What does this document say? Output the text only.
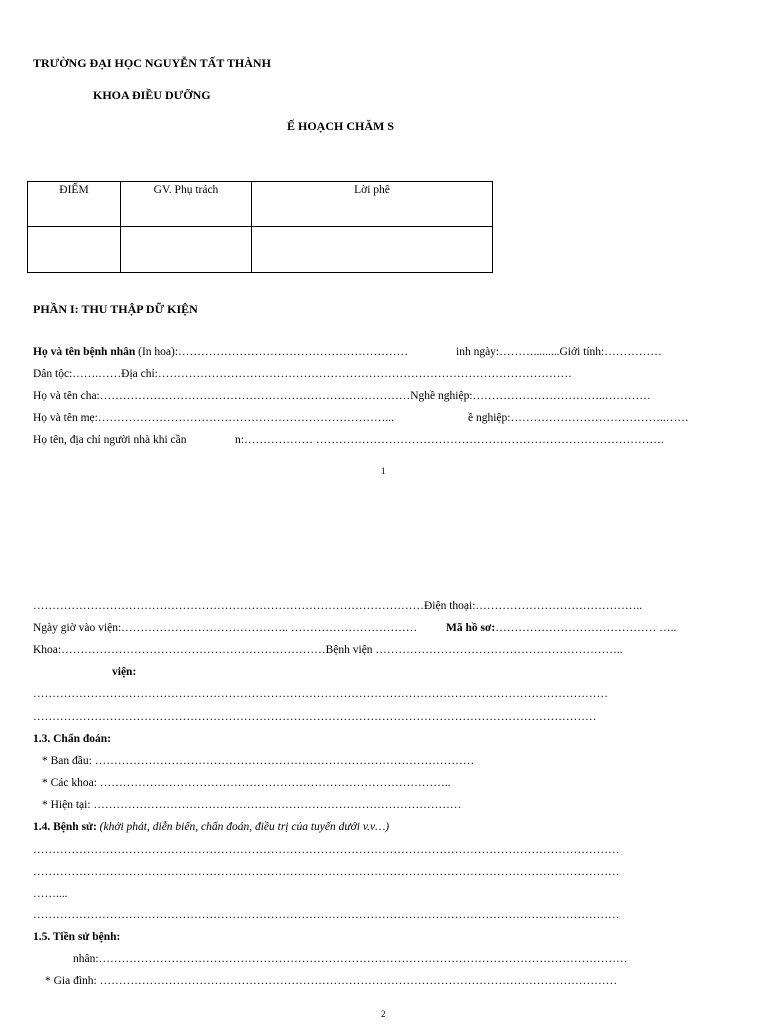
TRƯỜNG ĐẠI HỌC NGUYỄN TẤT THÀNH
KHOA ĐIỀU DƯỠNG
Ế HOẠCH CHĂM S
ĐIỂM	GV. Phụ trách	Lời phê

PHẦN I: THU THẬP DỮ KIỆN
Họ và tên bệnh nhân (In hoa):……………………………………………………	inh ngày:……….........Giới tính:……………
Dân tộc:…….……Địa chỉ:………………………………………………………………………………………………
Họ và tên cha:………………………………………………………………………Nghề nghiệp:……………………………..…………
Họ và tên mẹ:…………………………………………………………………...	ề nghiệp:…………………………………..……
Họ tên, địa chỉ người nhà khi cần	n:……………… ……………………………………………………………………………….
1
…………………………………………………………………………………………Điện thoại:……………………………………..
Ngày giờ vào viện:…………………………………….. …………………………… Mã hồ sơ:…………………………………… …..
Khoa:……………………………………………………………Bệnh viện ………………………………………………………..
viện:
……………………………………………………………………………………………………………………………………
…………………………………………………………………………………………………………………………………
1.3. Chẩn đoán:
* Ban đầu: ………………………………………………………………………………………
* Các khoa: ………………………………………………………………………………..
* Hiện tại: ……………………………………………………………………………………
1.4. Bệnh sử: (khởi phát, diễn biến, chẩn đoán, điều trị của tuyến dưới v.v…)
………………………………………………………………………………………………………………………………………
………………………………………………………………………………………………………………………………………
……....
………………………………………………………………………………………………………………………………………
1.5. Tiền sử bệnh:
nhân:…………………………………………………………………………………………………………………………
* Gia đình: ………………………………………………………………………………………………………………………
2
